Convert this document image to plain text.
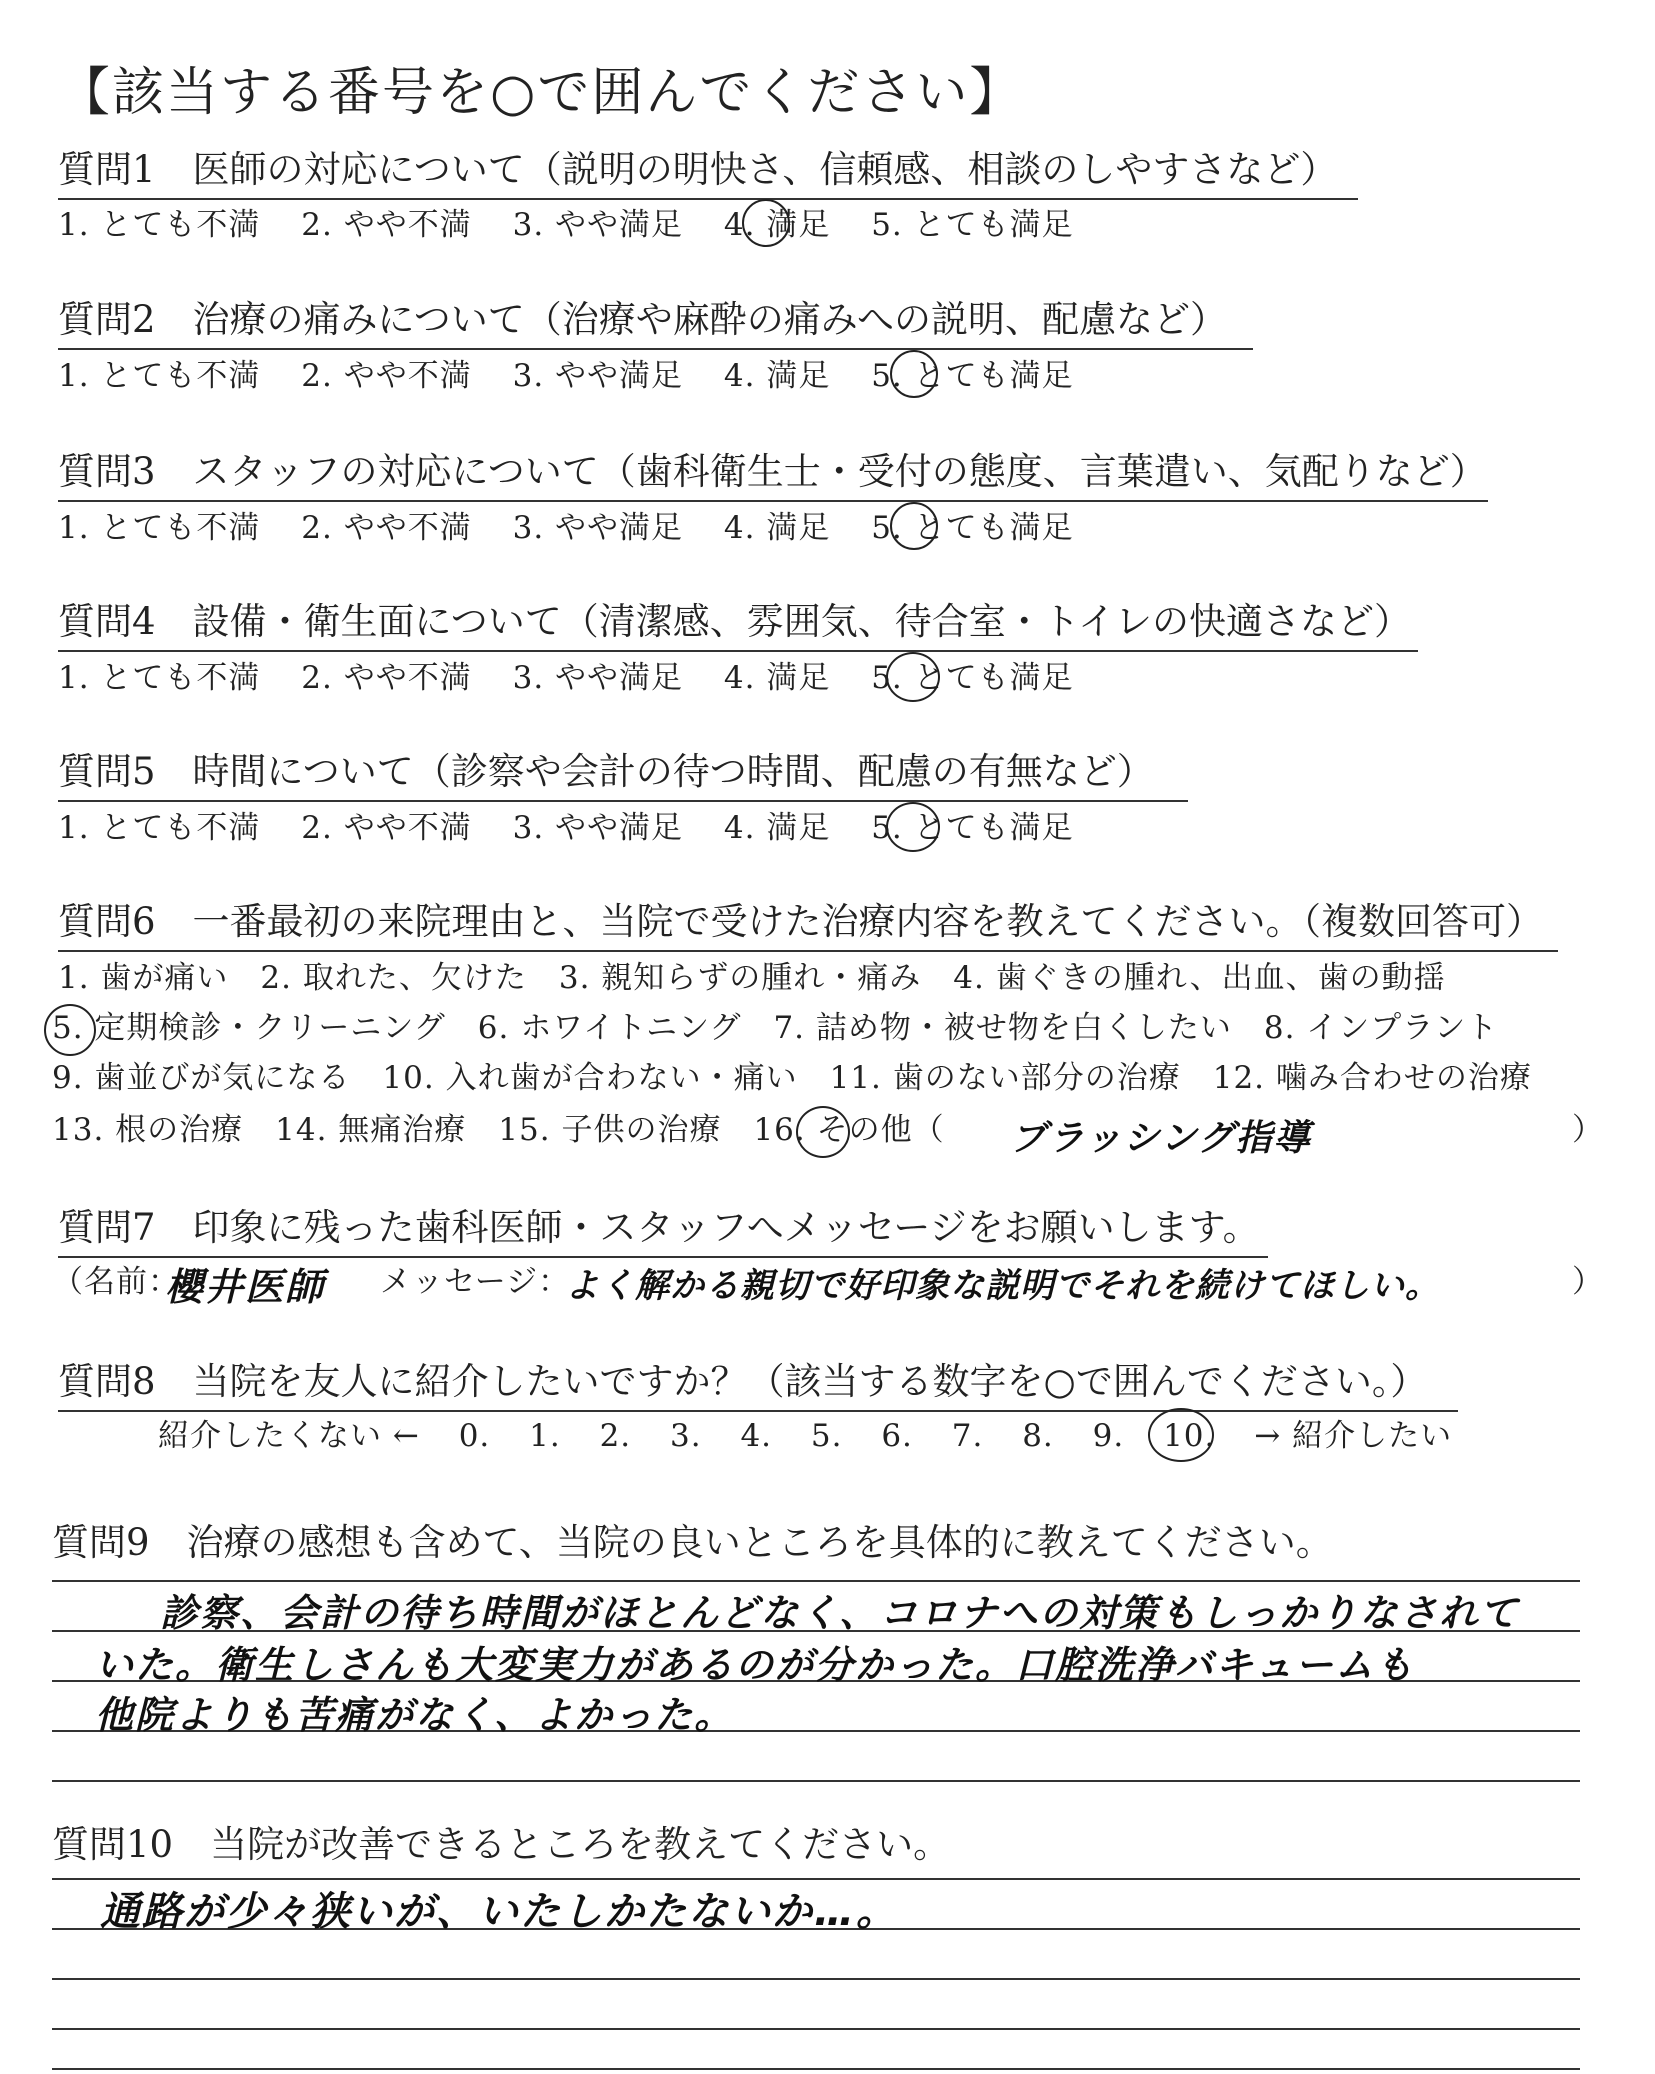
【該当する番号を○で囲んでください】
質問1　医師の対応について（説明の明快さ、信頼感、相談のしやすさなど）
1. とても不満 2. やや不満 3. やや満足 4. 満足 5. とても満足
質問2　治療の痛みについて（治療や麻酔の痛みへの説明、配慮など）
1. とても不満 2. やや不満 3. やや満足 4. 満足 5. とても満足
質問3　スタッフの対応について（歯科衛生士・受付の態度、言葉遣い、気配りなど）
1. とても不満 2. やや不満 3. やや満足 4. 満足 5. とても満足
質問4　設備・衛生面について（清潔感、雰囲気、待合室・トイレの快適さなど）
1. とても不満 2. やや不満 3. やや満足 4. 満足 5. とても満足
質問5　時間について（診察や会計の待つ時間、配慮の有無など）
1. とても不満 2. やや不満 3. やや満足 4. 満足 5. とても満足
質問6　一番最初の来院理由と、当院で受けた治療内容を教えてください。（複数回答可）
1. 歯が痛い　2. 取れた、欠けた　3. 親知らずの腫れ・痛み　4. 歯ぐきの腫れ、出血、歯の動揺
5. 定期検診・クリーニング　6. ホワイトニング　7. 詰め物・被せ物を白くしたい　8. インプラント
9. 歯並びが気になる　10. 入れ歯が合わない・痛い　11. 歯のない部分の治療　12. 噛み合わせの治療
13. 根の治療　14. 無痛治療　15. 子供の治療　16. その他（	）
ブラッシング指導
質問7　印象に残った歯科医師・スタッフへメッセージをお願いします。
（名前：
櫻井医師 メッセージ：
よく解かる親切で好印象な説明でそれを続けてほしい。	）
質問8　当院を友人に紹介したいですか？（該当する数字を○で囲んでください。）
紹介したくない ← 0. 1. 2. 3. 4. 5. 6. 7. 8. 9. 10. → 紹介したい
質問9　治療の感想も含めて、当院の良いところを具体的に教えてください。
診察、会計の待ち時間がほとんどなく、コロナへの対策もしっかりなされて
いた。衛生しさんも大変実力があるのが分かった。口腔洗浄バキュームも
他院よりも苦痛がなく、よかった。
質問10　当院が改善できるところを教えてください。
通路が少々狭いが、いたしかたないか…。
